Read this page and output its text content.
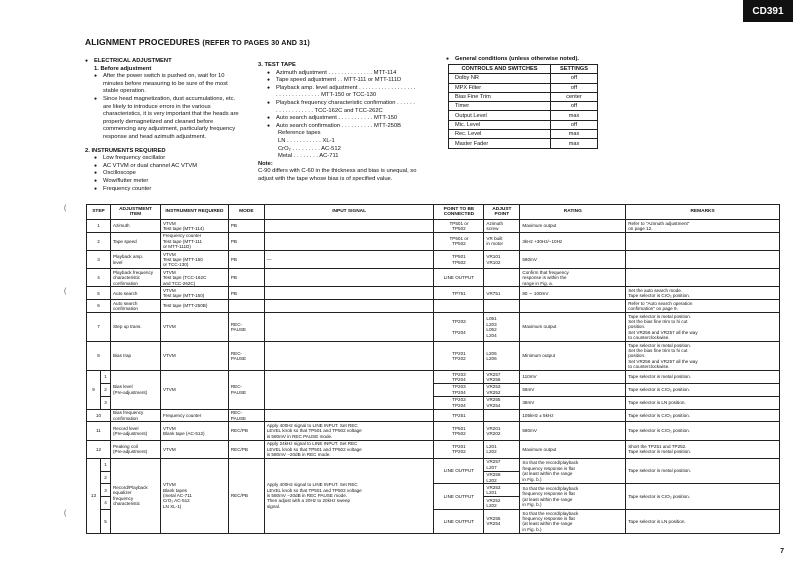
CD391
ALIGNMENT PROCEDURES (REFER TO PAGES 30 AND 31)
● ELECTRICAL ADJUSTMENT
1. Before adjustment
● After the power switch is pushed on, wait for 10 minutes before measuring to be sure of the most stable operation.
● Since head magnetization, dust accumulations, etc. are likely to introduce errors in the various characteristics, it is very important that the heads are properly demagnetized and cleaned before commencing any adjustment, particularly frequency response and head azimuth adjustment.
2. INSTRUMENTS REQUIRED
● Low frequency oscillator
● AC VTVM or dual channel AC VTVM
● Oscilloscope
● Wow/flutter meter
● Frequency counter
3. TEST TAPE
● Azimuth adjustment . . . . . . . . . . . . . . MTT-114
● Tape speed adjustment . . MTT-111 or MTT-111D
● Playback amp. level adjustment . . . . . . . . . . . . . . . . . . . . . . . . . . . . . . . . MTT-150 or TCC-130
● Playback frequency characteristic confirmation . . . . . . . . . . . . . . . . . . TCC-162C and TCC-262C
● Auto search adjustment . . . . . . . . . . . MTT-150
● Auto search confirmation . . . . . . . . . . MTT-250B
Reference tapes
LN . . . . . . . . . . . XL-1
CrO₂ . . . . . . . . . AC-512
Metal . . . . . . . . AC-711
Note:
C-90 differs with C-60 in the thickness and bias is unequal, so adjust with the tape whose bias is of specified value.
● General conditions (unless otherwise noted).
CONTROLS AND SWITCHES	SETTINGS
Dolby NR	off
MPX Filter	off
Bias Fine Trim	center
Timer	off
Output Level	max
Mic. Level	off
Rec. Level	max
Master Fader	max
(
(
(
STEP		ADJUSTMENT ITEM	INSTRUMENT REQUIRED	MODE	INPUT SIGNAL	POINT TO BE CONNECTED	ADJUST POINT	RATING	REMARKS
1		Azimuth	VTVM
Test tape (MTT-114)	PB		TP501 or
TP502	Azimuth
screw	Maximum output	Refer to "Azimuth adjustment"
on page 12.
2		Tape speed	Frequency counter
Test tape (MTT-111
or MTT-111D)	PB		TP501 or
TP502	VR built
in motor	3kHz +30Hz/−10Hz	
3		Playback amp.
level	VTVM
Test tape (MTT-150
or TCC-130)	PB	—	TP501
TP502	VR101
VR102	580mV	
4		Playback frequency
characteristic
confirmation	VTVM
Test tape (TCC-162C
and TCC-262C)	PB		LINE OUTPUT		Confirm that frequency
response is within the
range in Fig. a.	
5		Auto search	VTVM
Test tape (MTT-150)	PB		TP751	VR751	80 ∼ 100mV	Set the auto search mode.
Tape selector is CrO₂ position.
6		Auto search
confirmation	Test tape (MTT-250B)						Refer to "Auto search operation
confirmation" on page 9.
7		Step up trans.	VTVM	REC-
PAUSE		TP203

TP204	L051
L203
L052
L204	Maximum output	Tape selector is metal position.
Set the bias fine trim to hi cut
position.
Set VR256 and VR257 all the way
to counterclockwise.
8		Bias trap	VTVM	REC-
PAUSE		TP201
TP202	L205
L206	Minimum output	Tape selector is metal position.
Set the bias fine trim to hi cut
position.
Set VR256 and VR257 all the way
to counterclockwise.
9	1	Bias level
(Pre-adjustment)	VTVM	REC-
PAUSE		TP203
TP204	VR257
VR256	110mV	Tape selector is metal position.
	2					TP203
TP204	VR253
VR252	58mV	Tape selector is CrO₂ position.
	3					TP203
TP204	VR255
VR254	38mV	Tape selector is LN position.
10		Bias frequency
confirmation	Frequency counter	REC-
PAUSE		TP251		105kHz ± 5kHz	Tape selector is CrO₂ position.
11		Record level
(Pre-adjustment)	VTVM
Blank tape (AC-512)	REC/PB	Apply 400Hz signal to LINE INPUT. Set REC
LEVEL knob so that TP501 and TP502 voltage
is 580mV in REC PAUSE mode.	TP501
TP502	VR201
VR202	580mV	Tape selector is CrO₂ position.
12		Peaking coil
(Pre-adjustment)	VTVM	REC/PB	Apply 24kHz signal to LINE INPUT. Set REC
LEVEL knob so that TP501 and TP502 voltage
is 580mV −20dB in REC mode.	TP201
TP202	L201
L202	Maximum output	Short the TP251 and TP252.
Tape selector is metal position.
13	1	Record/Playback
equalizer
frequency
characteristic	VTVM
Blank tapes
(metal AC-711
CrO₂ AC-512
LN XL-1)	REC/PB	Apply 400Hz signal to LINE INPUT. Set REC
LEVEL knob so that TP501 and TP502 voltage
is 580mV −20dB in REC PAUSE mode.
Then adjust with a 20Hz to 20kHz sweep
signal.	LINE OUTPUT	VR257
L207	So that the record/playback
frequency response is flat
(at least within the range
in Fig. b.)	Tape selector is metal position.
	2						VR256
L202		
	3					LINE OUTPUT	VR253
L201	So that the record/playback
frequency response is flat
(at least within the range
in Fig. b.)	Tape selector is CrO₂ position.
	4						VR252
L202		
	5					LINE OUTPUT	VR255
VR254	So that the record/playback
frequency response is flat
(at least within the range
in Fig. b.)	Tape selector is LN position.
7
